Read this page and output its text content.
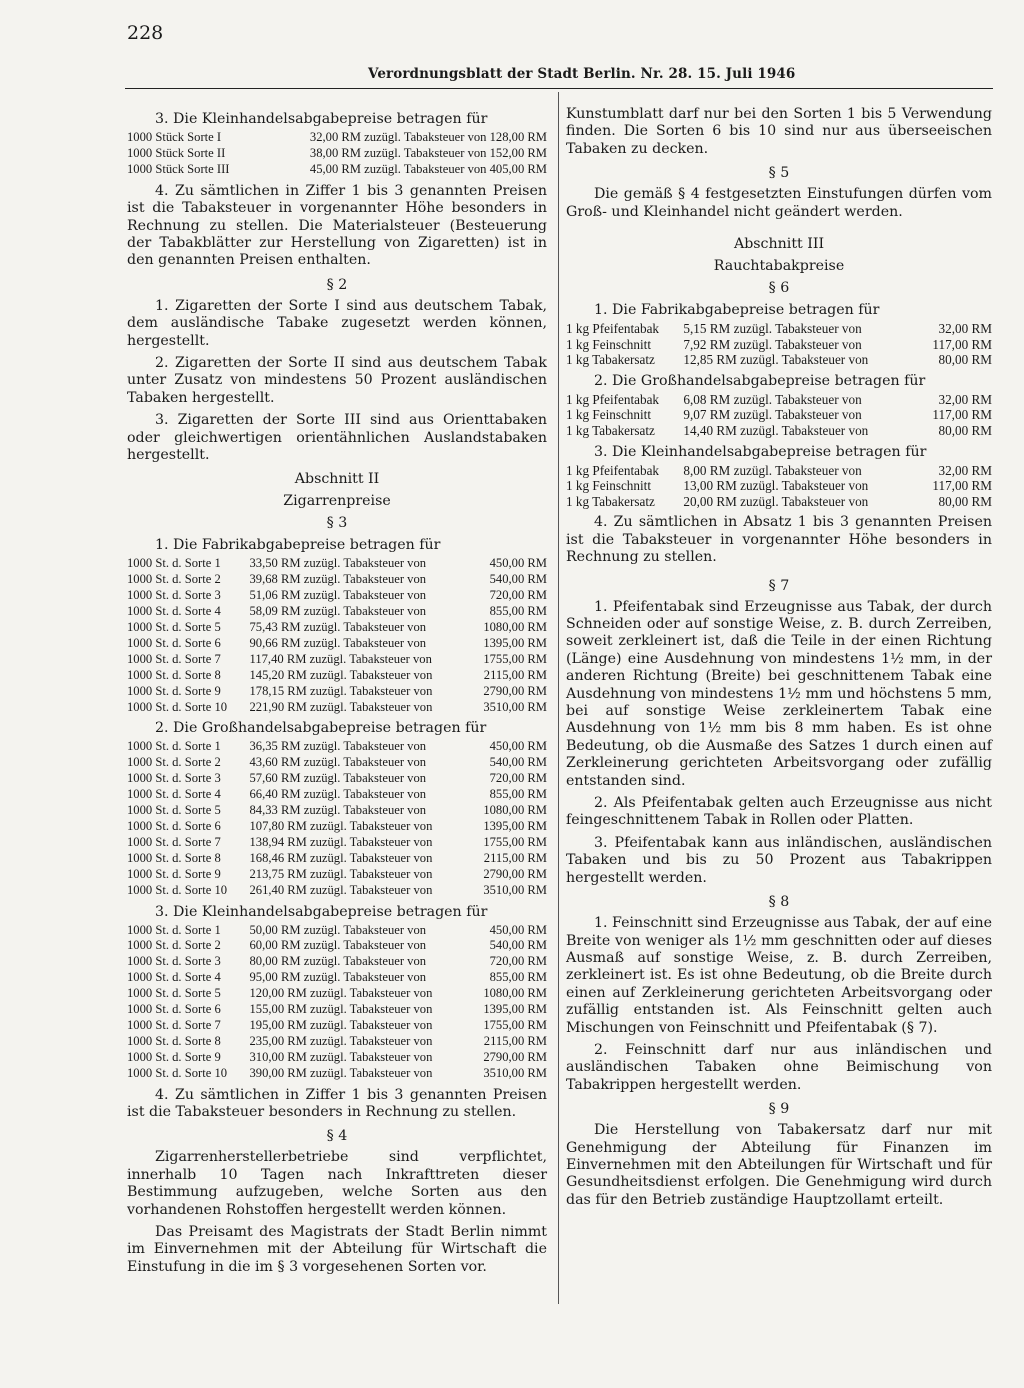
228
Verordnungsblatt der Stadt Berlin. Nr. 28. 15. Juli 1946

3. Die Kleinhandelsabgabepreise betragen für

1000 Stück Sorte I	32,00 RM zuzügl. Tabaksteuer von 128,00 RM
1000 Stück Sorte II	38,00 RM zuzügl. Tabaksteuer von 152,00 RM
1000 Stück Sorte III	45,00 RM zuzügl. Tabaksteuer von 405,00 RM

4. Zu sämtlichen in Ziffer 1 bis 3 genannten Preisen ist die Tabaksteuer in vorgenannter Höhe besonders in Rechnung zu stellen. Die Materialsteuer (Besteuerung der Tabakblätter zur Herstellung von Zigaretten) ist in den genannten Preisen enthalten.

§ 2

1. Zigaretten der Sorte I sind aus deutschem Tabak, dem ausländische Tabake zugesetzt werden können, hergestellt.

2. Zigaretten der Sorte II sind aus deutschem Tabak unter Zusatz von mindestens 50 Prozent ausländischen Tabaken hergestellt.

3. Zigaretten der Sorte III sind aus Orienttabaken oder gleichwertigen orientähnlichen Auslandstabaken hergestellt.

Abschnitt II

Zigarrenpreise

§ 3

1. Die Fabrikabgabepreise betragen für

1000 St. d. Sorte 1	33,50 RM zuzügl. Tabaksteuer von	450,00 RM
1000 St. d. Sorte 2	39,68 RM zuzügl. Tabaksteuer von	540,00 RM
1000 St. d. Sorte 3	51,06 RM zuzügl. Tabaksteuer von	720,00 RM
1000 St. d. Sorte 4	58,09 RM zuzügl. Tabaksteuer von	855,00 RM
1000 St. d. Sorte 5	75,43 RM zuzügl. Tabaksteuer von	1080,00 RM
1000 St. d. Sorte 6	90,66 RM zuzügl. Tabaksteuer von	1395,00 RM
1000 St. d. Sorte 7	117,40 RM zuzügl. Tabaksteuer von	1755,00 RM
1000 St. d. Sorte 8	145,20 RM zuzügl. Tabaksteuer von	2115,00 RM
1000 St. d. Sorte 9	178,15 RM zuzügl. Tabaksteuer von	2790,00 RM
1000 St. d. Sorte 10	221,90 RM zuzügl. Tabaksteuer von	3510,00 RM

2. Die Großhandelsabgabepreise betragen für

1000 St. d. Sorte 1	36,35 RM zuzügl. Tabaksteuer von	450,00 RM
1000 St. d. Sorte 2	43,60 RM zuzügl. Tabaksteuer von	540,00 RM
1000 St. d. Sorte 3	57,60 RM zuzügl. Tabaksteuer von	720,00 RM
1000 St. d. Sorte 4	66,40 RM zuzügl. Tabaksteuer von	855,00 RM
1000 St. d. Sorte 5	84,33 RM zuzügl. Tabaksteuer von	1080,00 RM
1000 St. d. Sorte 6	107,80 RM zuzügl. Tabaksteuer von	1395,00 RM
1000 St. d. Sorte 7	138,94 RM zuzügl. Tabaksteuer von	1755,00 RM
1000 St. d. Sorte 8	168,46 RM zuzügl. Tabaksteuer von	2115,00 RM
1000 St. d. Sorte 9	213,75 RM zuzügl. Tabaksteuer von	2790,00 RM
1000 St. d. Sorte 10	261,40 RM zuzügl. Tabaksteuer von	3510,00 RM

3. Die Kleinhandelsabgabepreise betragen für

1000 St. d. Sorte 1	50,00 RM zuzügl. Tabaksteuer von	450,00 RM
1000 St. d. Sorte 2	60,00 RM zuzügl. Tabaksteuer von	540,00 RM
1000 St. d. Sorte 3	80,00 RM zuzügl. Tabaksteuer von	720,00 RM
1000 St. d. Sorte 4	95,00 RM zuzügl. Tabaksteuer von	855,00 RM
1000 St. d. Sorte 5	120,00 RM zuzügl. Tabaksteuer von	1080,00 RM
1000 St. d. Sorte 6	155,00 RM zuzügl. Tabaksteuer von	1395,00 RM
1000 St. d. Sorte 7	195,00 RM zuzügl. Tabaksteuer von	1755,00 RM
1000 St. d. Sorte 8	235,00 RM zuzügl. Tabaksteuer von	2115,00 RM
1000 St. d. Sorte 9	310,00 RM zuzügl. Tabaksteuer von	2790,00 RM
1000 St. d. Sorte 10	390,00 RM zuzügl. Tabaksteuer von	3510,00 RM

4. Zu sämtlichen in Ziffer 1 bis 3 genannten Preisen ist die Tabaksteuer besonders in Rechnung zu stellen.

§ 4

Zigarrenherstellerbetriebe sind verpflichtet, innerhalb 10 Tagen nach Inkrafttreten dieser Bestimmung aufzugeben, welche Sorten aus den vorhandenen Rohstoffen hergestellt werden können.

Das Preisamt des Magistrats der Stadt Berlin nimmt im Einvernehmen mit der Abteilung für Wirtschaft die Einstufung in die im § 3 vorgesehenen Sorten vor.

Kunstumblatt darf nur bei den Sorten 1 bis 5 Verwendung finden. Die Sorten 6 bis 10 sind nur aus überseeischen Tabaken zu decken.

§ 5

Die gemäß § 4 festgesetzten Einstufungen dürfen vom Groß- und Kleinhandel nicht geändert werden.

Abschnitt III

Rauchtabakpreise

§ 6

1. Die Fabrikabgabepreise betragen für

1 kg Pfeifentabak	5,15 RM zuzügl. Tabaksteuer von	32,00 RM
1 kg Feinschnitt	7,92 RM zuzügl. Tabaksteuer von	117,00 RM
1 kg Tabakersatz	12,85 RM zuzügl. Tabaksteuer von	80,00 RM

2. Die Großhandelsabgabepreise betragen für

1 kg Pfeifentabak	6,08 RM zuzügl. Tabaksteuer von	32,00 RM
1 kg Feinschnitt	9,07 RM zuzügl. Tabaksteuer von	117,00 RM
1 kg Tabakersatz	14,40 RM zuzügl. Tabaksteuer von	80,00 RM

3. Die Kleinhandelsabgabepreise betragen für

1 kg Pfeifentabak	8,00 RM zuzügl. Tabaksteuer von	32,00 RM
1 kg Feinschnitt	13,00 RM zuzügl. Tabaksteuer von	117,00 RM
1 kg Tabakersatz	20,00 RM zuzügl. Tabaksteuer von	80,00 RM

4. Zu sämtlichen in Absatz 1 bis 3 genannten Preisen ist die Tabaksteuer in vorgenannter Höhe besonders in Rechnung zu stellen.

§ 7

1. Pfeifentabak sind Erzeugnisse aus Tabak, der durch Schneiden oder auf sonstige Weise, z. B. durch Zerreiben, soweit zerkleinert ist, daß die Teile in der einen Richtung (Länge) eine Ausdehnung von mindestens 1½ mm, in der anderen Richtung (Breite) bei geschnittenem Tabak eine Ausdehnung von mindestens 1½ mm und höchstens 5 mm, bei auf sonstige Weise zerkleinertem Tabak eine Ausdehnung von 1½ mm bis 8 mm haben. Es ist ohne Bedeutung, ob die Ausmaße des Satzes 1 durch einen auf Zerkleinerung gerichteten Arbeitsvorgang oder zufällig entstanden sind.

2. Als Pfeifentabak gelten auch Erzeugnisse aus nicht feingeschnittenem Tabak in Rollen oder Platten.

3. Pfeifentabak kann aus inländischen, ausländischen Tabaken und bis zu 50 Prozent aus Tabakrippen hergestellt werden.

§ 8

1. Feinschnitt sind Erzeugnisse aus Tabak, der auf eine Breite von weniger als 1½ mm geschnitten oder auf dieses Ausmaß auf sonstige Weise, z. B. durch Zerreiben, zerkleinert ist. Es ist ohne Bedeutung, ob die Breite durch einen auf Zerkleinerung gerichteten Arbeitsvorgang oder zufällig entstanden ist. Als Feinschnitt gelten auch Mischungen von Feinschnitt und Pfeifentabak (§ 7).

2. Feinschnitt darf nur aus inländischen und ausländischen Tabaken ohne Beimischung von Tabakrippen hergestellt werden.

§ 9

Die Herstellung von Tabakersatz darf nur mit Genehmigung der Abteilung für Finanzen im Einvernehmen mit den Abteilungen für Wirtschaft und für Gesundheitsdienst erfolgen. Die Genehmigung wird durch das für den Betrieb zuständige Hauptzollamt erteilt.
